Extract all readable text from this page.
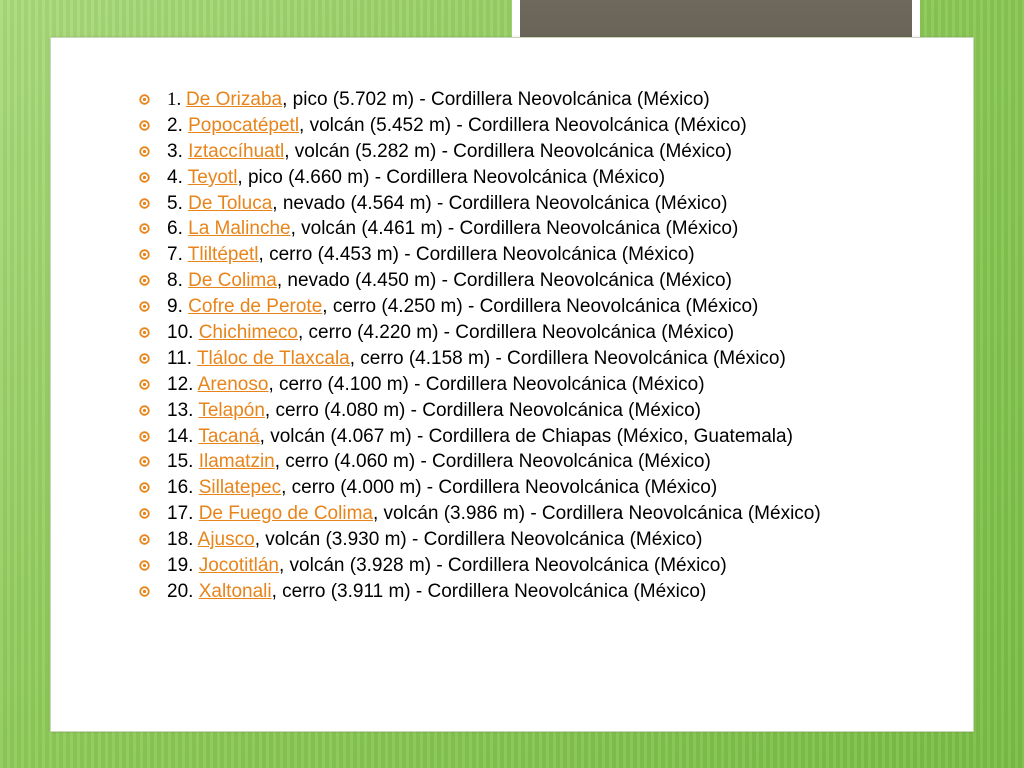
1. De Orizaba, pico (5.702 m) - Cordillera Neovolcánica (México)
2. Popocatépetl, volcán (5.452 m) - Cordillera Neovolcánica (México)
3. Iztaccíhuatl, volcán (5.282 m) - Cordillera Neovolcánica (México)
4. Teyotl, pico (4.660 m) - Cordillera Neovolcánica (México)
5. De Toluca, nevado (4.564 m) - Cordillera Neovolcánica (México)
6. La Malinche, volcán (4.461 m) - Cordillera Neovolcánica (México)
7. Tliltépetl, cerro (4.453 m) - Cordillera Neovolcánica (México)
8. De Colima, nevado (4.450 m) - Cordillera Neovolcánica (México)
9. Cofre de Perote, cerro (4.250 m) - Cordillera Neovolcánica (México)
10. Chichimeco, cerro (4.220 m) - Cordillera Neovolcánica (México)
11. Tláloc de Tlaxcala, cerro (4.158 m) - Cordillera Neovolcánica (México)
12. Arenoso, cerro (4.100 m) - Cordillera Neovolcánica (México)
13. Telapón, cerro (4.080 m) - Cordillera Neovolcánica (México)
14. Tacaná, volcán (4.067 m) - Cordillera de Chiapas (México, Guatemala)
15. Ilamatzin, cerro (4.060 m) - Cordillera Neovolcánica (México)
16. Sillatepec, cerro (4.000 m) - Cordillera Neovolcánica (México)
17. De Fuego de Colima, volcán (3.986 m) - Cordillera Neovolcánica (México)
18. Ajusco, volcán (3.930 m) - Cordillera Neovolcánica (México)
19. Jocotitlán, volcán (3.928 m) - Cordillera Neovolcánica (México)
20. Xaltonali, cerro (3.911 m) - Cordillera Neovolcánica (México)
